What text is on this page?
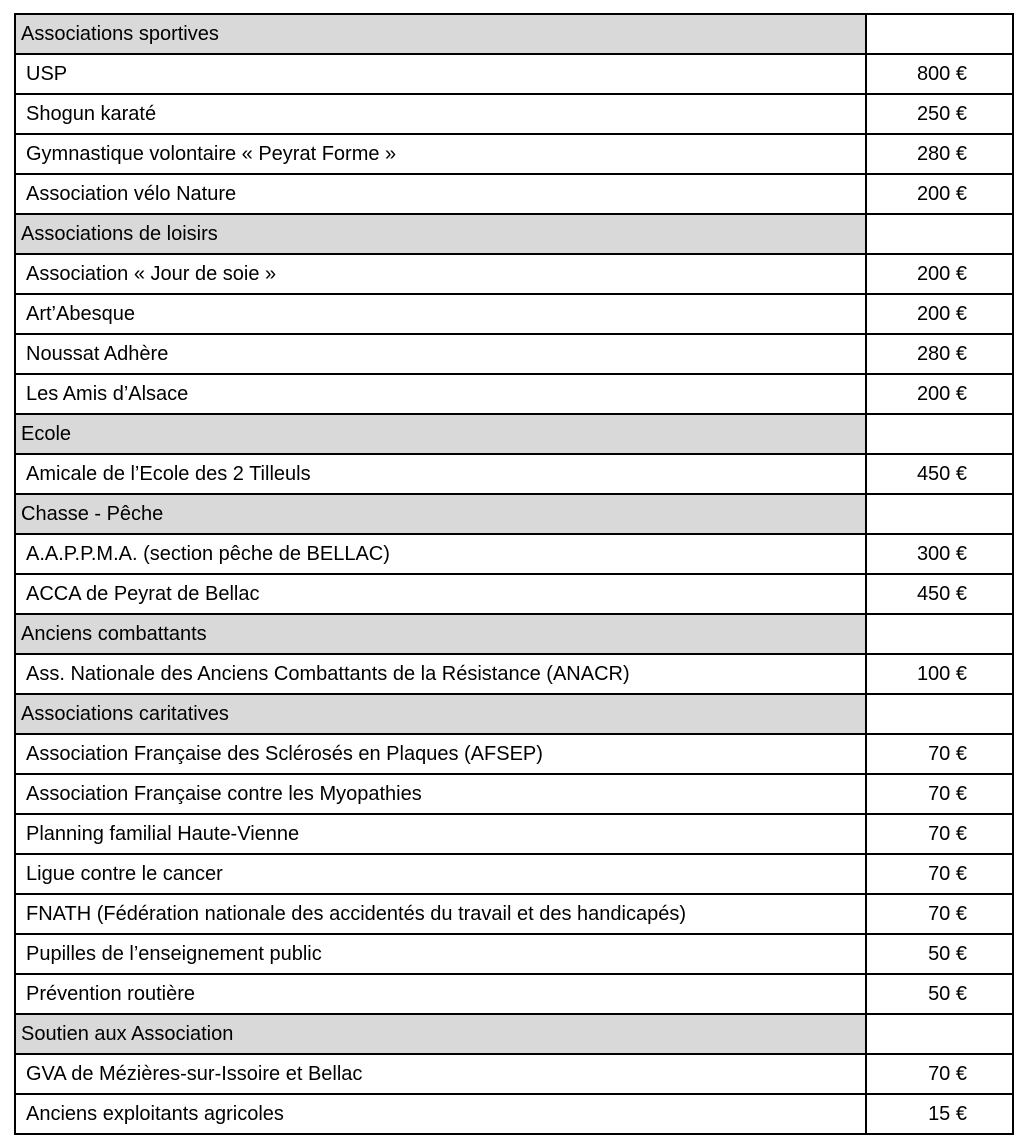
Associations sportives	
USP	800 €
Shogun karaté	250 €
Gymnastique volontaire « Peyrat Forme »	280 €
Association vélo Nature	200 €
Associations de loisirs	
Association « Jour de soie »	200 €
Art’Abesque	200 €
Noussat Adhère	280 €
Les Amis d’Alsace	200 €
Ecole	
Amicale de l’Ecole des 2 Tilleuls	450 €
Chasse - Pêche	
A.A.P.P.M.A. (section pêche de BELLAC)	300 €
ACCA de Peyrat de Bellac	450 €
Anciens combattants	
Ass. Nationale des Anciens Combattants de la Résistance (ANACR)	100 €
Associations caritatives	
Association Française des Sclérosés en Plaques (AFSEP)	70 €
Association Française contre les Myopathies	70 €
Planning familial Haute-Vienne	70 €
Ligue contre le cancer	70 €
FNATH (Fédération nationale des accidentés du travail et des handicapés)	70 €
Pupilles de l’enseignement public	50 €
Prévention routière	50 €
Soutien aux Association	
GVA de Mézières-sur-Issoire et Bellac	70 €
Anciens exploitants agricoles	15 €
